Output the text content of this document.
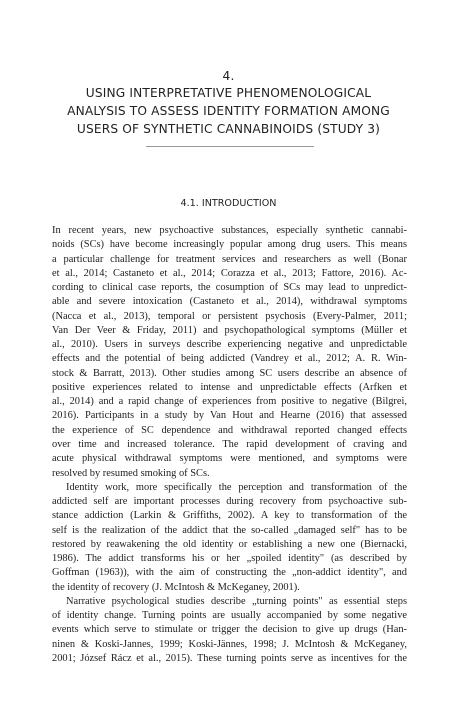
4.
USING INTERPRETATIVE PHENOMENOLOGICAL
ANALYSIS TO ASSESS IDENTITY FORMATION AMONG
USERS OF SYNTHETIC CANNABINOIDS (STUDY 3)
4.1. INTRODUCTION
In recent years, new psychoactive substances, especially synthetic cannabi-
noids (SCs) have become increasingly popular among drug users. This means
a particular challenge for treatment services and researchers as well (Bonar
et al., 2014; Castaneto et al., 2014; Corazza et al., 2013; Fattore, 2016). Ac-
cording to clinical case reports, the cosumption of SCs may lead to unpredict-
able and severe intoxication (Castaneto et al., 2014), withdrawal symptoms
(Nacca et al., 2013), temporal or persistent psychosis (Every-Palmer, 2011;
Van Der Veer & Friday, 2011) and psychopathological symptoms (Müller et
al., 2010). Users in surveys describe experiencing negative and unpredictable
effects and the potential of being addicted (Vandrey et al., 2012; A. R. Win-
stock & Barratt, 2013). Other studies among SC users describe an absence of
positive experiences related to intense and unpredictable effects (Arfken et
al., 2014) and a rapid change of experiences from positive to negative (Bilgrei,
2016). Participants in a study by Van Hout and Hearne (2016) that assessed
the experience of SC dependence and withdrawal reported changed effects
over time and increased tolerance. The rapid development of craving and
acute physical withdrawal symptoms were mentioned, and symptoms were
resolved by resumed smoking of SCs.
Identity work, more specifically the perception and transformation of the
addicted self are important processes during recovery from psychoactive sub-
stance addiction (Larkin & Griffiths, 2002). A key to transformation of the
self is the realization of the addict that the so-called „damaged self" has to be
restored by reawakening the old identity or establishing a new one (Biernacki,
1986). The addict transforms his or her „spoiled identity" (as described by
Goffman (1963)), with the aim of constructing the „non-addict identity", and
the identity of recovery (J. McIntosh & McKeganey, 2001).
Narrative psychological studies describe „turning points" as essential steps
of identity change. Turning points are usually accompanied by some negative
events which serve to stimulate or trigger the decision to give up drugs (Han-
ninen & Koski-Jannes, 1999; Koski-Jännes, 1998; J. McIntosh & McKeganey,
2001; József Rácz et al., 2015). These turning points serve as incentives for the
